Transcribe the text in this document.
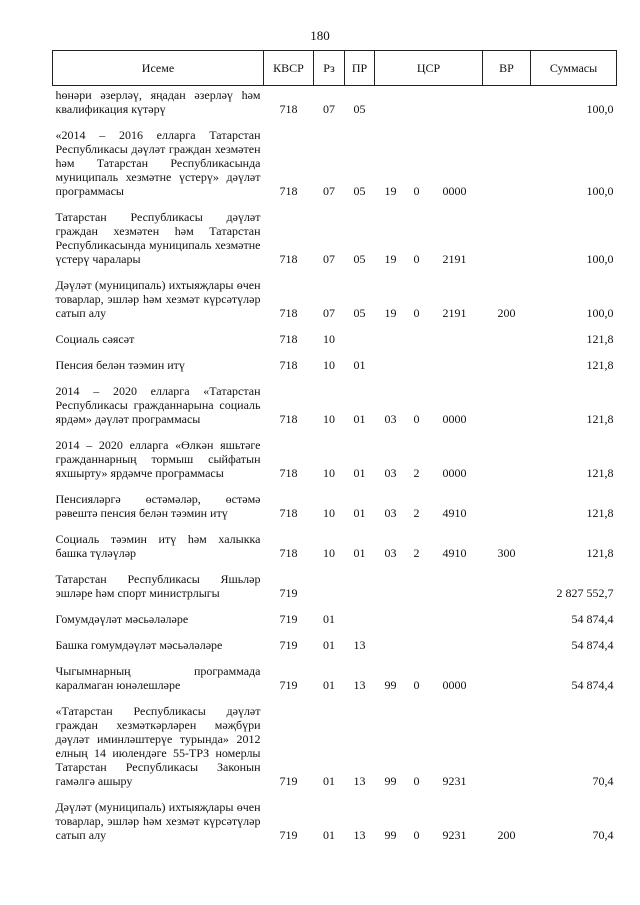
180
Исеме	КВСР	Рз	ПР	ЦСР			ВР	Суммасы
һөнәри әзерләү, яңадан әзерләү һәм квалификация күтәрү	718	07	05					100,0

«2014 – 2016 елларга Татарстан Республикасы дәүләт граждан хезмәтен һәм Татарстан Республикасында муниципаль хезмәтне үстерү» дәүләт программасы	718	07	05	19	0	0000		100,0

Татарстан Республикасы дәүләт граждан хезмәтен һәм Татарстан Республикасында муниципаль хезмәтне үстерү чаралары	718	07	05	19	0	2191		100,0

Дәүләт (муниципаль) ихтыяҗлары өчен товарлар, эшләр һәм хезмәт күрсәтүләр сатып алу	718	07	05	19	0	2191	200	100,0

Социаль сәясәт	718	10						121,8

Пенсия белән тәэмин итү	718	10	01					121,8

2014 – 2020 елларга «Татарстан Республикасы гражданнарына социаль ярдәм» дәүләт программасы	718	10	01	03	0	0000		121,8

2014 – 2020 елларга «Өлкән яшьтәге гражданнарның тормыш сыйфатын яхшырту» ярдәмче программасы	718	10	01	03	2	0000		121,8

Пенсияләргә өстәмәләр, өстәмә рәвештә пенсия белән тәэмин итү	718	10	01	03	2	4910		121,8

Социаль тәэмин итү һәм халыкка башка түләүләр	718	10	01	03	2	4910	300	121,8

Татарстан Республикасы Яшьләр эшләре һәм спорт министрлыгы	719							2 827 552,7

Гомумдәүләт мәсьәләләре	719	01						54 874,4

Башка гомумдәүләт мәсьәләләре	719	01	13					54 874,4

Чыгымнарның программада каралмаган юнәлешләре	719	01	13	99	0	0000		54 874,4

«Татарстан Республикасы дәүләт граждан хезмәткәрләрен мәҗбүри дәүләт иминләштерүе турында» 2012 елның 14 июлендәге 55-ТРЗ номерлы Татарстан Республикасы Законын гамәлгә ашыру	719	01	13	99	0	9231		70,4

Дәүләт (муниципаль) ихтыяҗлары өчен товарлар, эшләр һәм хезмәт күрсәтүләр сатып алу	719	01	13	99	0	9231	200	70,4
